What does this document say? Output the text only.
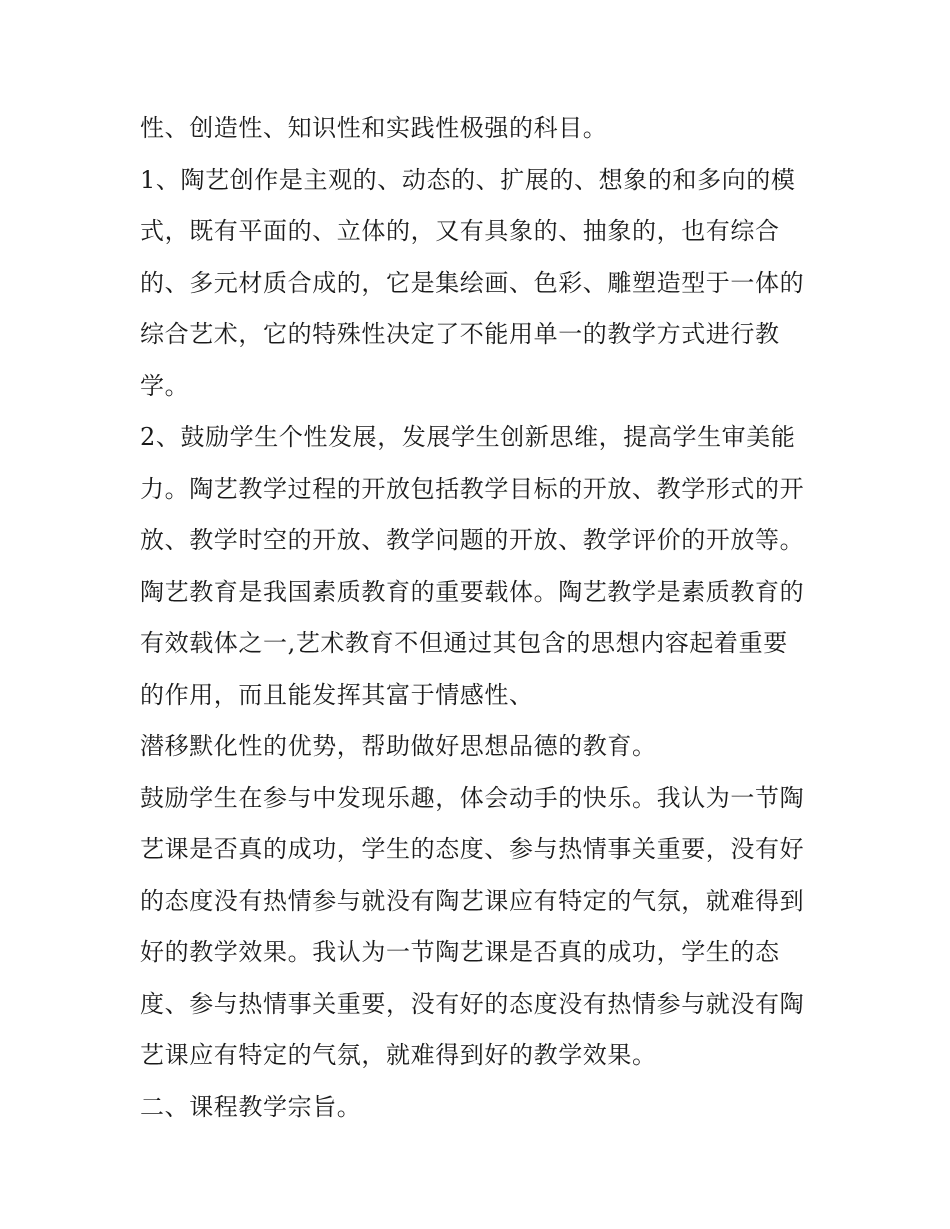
性、创造性、知识性和实践性极强的科目。
1、陶艺创作是主观的、动态的、扩展的、想象的和多向的模
式，既有平面的、立体的，又有具象的、抽象的，也有综合
的、多元材质合成的，它是集绘画、色彩、雕塑造型于一体的
综合艺术，它的特殊性决定了不能用单一的教学方式进行教
学。
2、鼓励学生个性发展，发展学生创新思维，提高学生审美能
力。陶艺教学过程的开放包括教学目标的开放、教学形式的开
放、教学时空的开放、教学问题的开放、教学评价的开放等。
陶艺教育是我国素质教育的重要载体。陶艺教学是素质教育的
有效载体之一,艺术教育不但通过其包含的思想内容起着重要
的作用，而且能发挥其富于情感性、
潜移默化性的优势，帮助做好思想品德的教育。
鼓励学生在参与中发现乐趣，体会动手的快乐。我认为一节陶
艺课是否真的成功，学生的态度、参与热情事关重要，没有好
的态度没有热情参与就没有陶艺课应有特定的气氛，就难得到
好的教学效果。我认为一节陶艺课是否真的成功，学生的态
度、参与热情事关重要，没有好的态度没有热情参与就没有陶
艺课应有特定的气氛，就难得到好的教学效果。
二、课程教学宗旨。
